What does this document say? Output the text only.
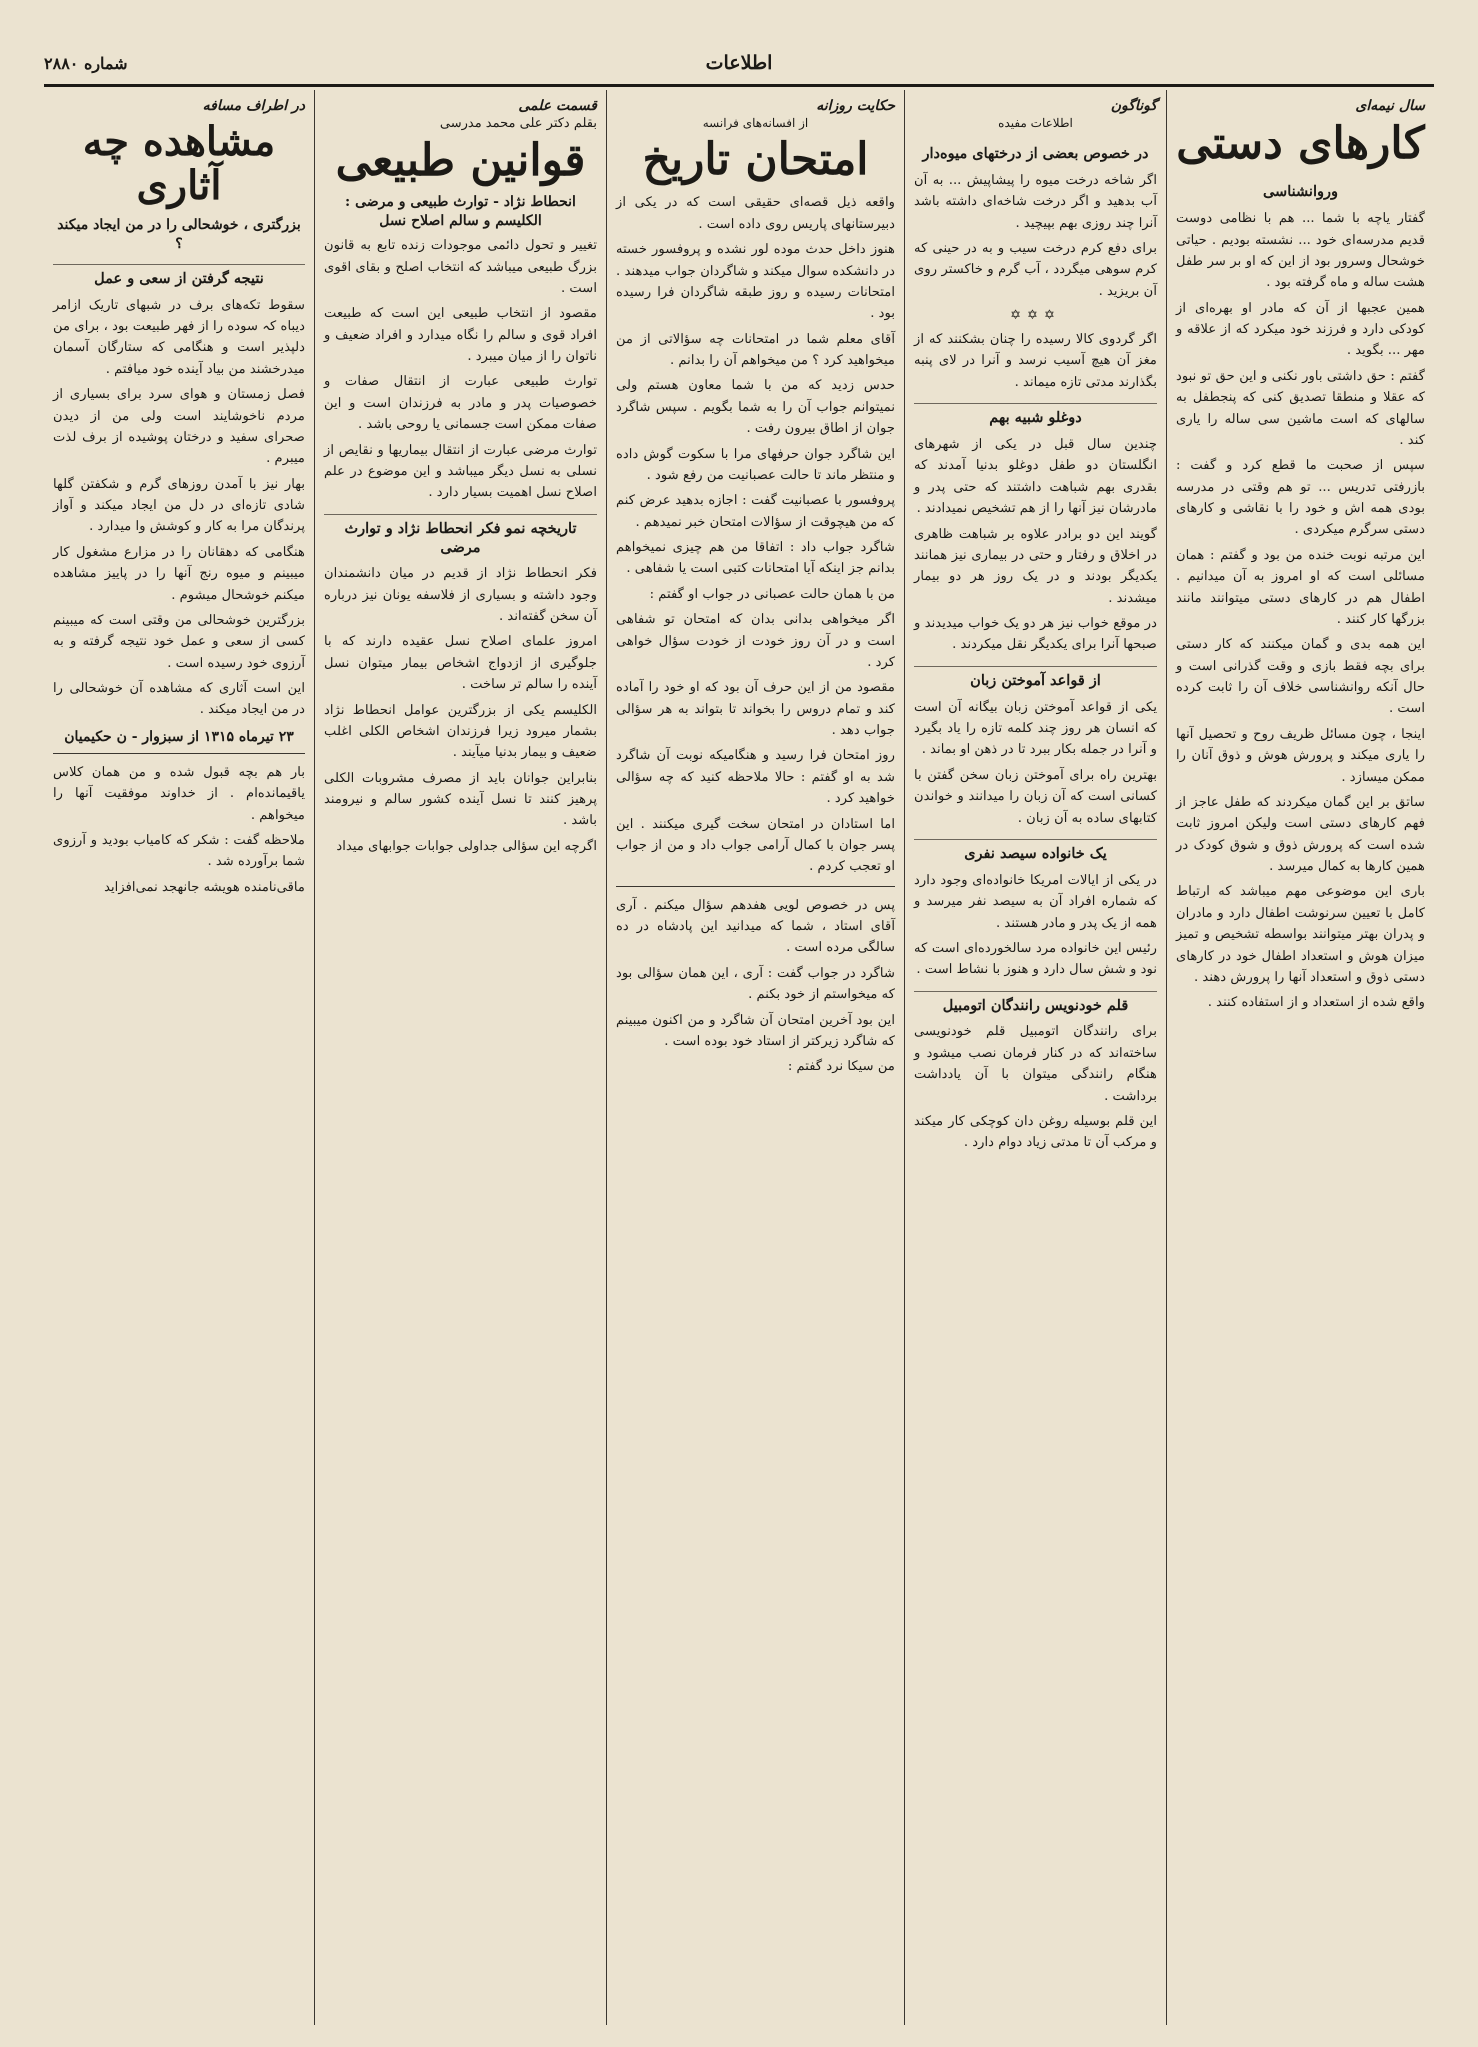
اطلاعات
شماره ۲۸۸۰
سال نیمه‌ای
کارهای دستی
وروانشناسی

گفتار یاچه با شما ... هم با نظامی دوست قدیم مدرسه‌ای خود ... نشسته بودیم . حیاتی خوشحال وسرور بود از این که او بر سر طفل هشت ساله و ماه گرفته بود .

همین عجبها از آن که مادر او بهره‌ای از کودکی دارد و فرزند خود میکرد که از علاقه و مهر ... بگوید .

گفتم : حق داشتی باور نکنی و این حق تو نبود که عقلا و منطقا تصدیق کنی که پنجطفل به سالهای که است ماشین سی ساله را یاری کند .

سپس از صحبت ما قطع کرد و گفت : بازرفتی تدریس ... تو هم وقتی در مدرسه بودی همه اش و خود را با نقاشی و کارهای دستی سرگرم میکردی .

این مرتبه نوبت خنده من بود و گفتم : همان مسائلی است که او امروز به آن میدانیم . اطفال هم در کارهای دستی میتوانند مانند بزرگها کار کنند .

این همه بدی و گمان میکنند که کار دستی برای بچه فقط بازی و وقت گذرانی است و حال آنکه روانشناسی خلاف آن را ثابت کرده است .

اینجا ، چون مسائل ظریف روح و تحصیل آنها را یاری میکند و پرورش هوش و ذوق آنان را ممکن میسازد .

ساتق بر این گمان میکردند که طفل عاجز از فهم کارهای دستی است ولیکن امروز ثابت شده است که پرورش ذوق و شوق کودک در همین کارها به کمال میرسد .

باری این موضوعی مهم میباشد که ارتباط کامل با تعیین سرنوشت اطفال دارد و مادران و پدران بهتر میتوانند بواسطه تشخیص و تمیز میزان هوش و استعداد اطفال خود در کارهای دستی ذوق و استعداد آنها را پرورش دهند .

واقع شده از استعداد و از استفاده کنند .

گوناگون
اطلاعات مفیده
در خصوص بعضی از درختهای میوه‌دار

اگر شاخه درخت میوه را پیشاپیش ... به آن آب بدهید و اگر درخت شاخه‌ای داشته باشد آنرا چند روزی بهم بپیچید .

برای دفع کرم درخت سیب و به در حینی که کرم سوهی میگردد ، آب گرم و خاکستر روی آن بریزید .

✡✡✡

اگر گردوی کالا رسیده را چنان بشکنند که از مغز آن هیچ آسیب نرسد و آنرا در لای پنبه بگذارند مدتی تازه میماند .

دوغلو شبیه بهم

چندین سال قبل در یکی از شهرهای انگلستان دو طفل دوغلو بدنیا آمدند که بقدری بهم شباهت داشتند که حتی پدر و مادرشان نیز آنها را از هم تشخیص نمیدادند .

گویند این دو برادر علاوه بر شباهت ظاهری در اخلاق و رفتار و حتی در بیماری نیز همانند یکدیگر بودند و در یک روز هر دو بیمار میشدند .

در موقع خواب نیز هر دو یک خواب میدیدند و صبحها آنرا برای یکدیگر نقل میکردند .

از قواعد آموختن زبان

یکی از قواعد آموختن زبان بیگانه آن است که انسان هر روز چند کلمه تازه را یاد بگیرد و آنرا در جمله بکار ببرد تا در ذهن او بماند .

بهترین راه برای آموختن زبان سخن گفتن با کسانی است که آن زبان را میدانند و خواندن کتابهای ساده به آن زبان .

یک خانواده سیصد نفری

در یکی از ایالات امریکا خانواده‌ای وجود دارد که شماره افراد آن به سیصد نفر میرسد و همه از یک پدر و مادر هستند .

رئیس این خانواده مرد سالخورده‌ای است که نود و شش سال دارد و هنوز با نشاط است .

قلم خودنویس رانندگان اتومبیل

برای رانندگان اتومبیل قلم خودنویسی ساخته‌اند که در کنار فرمان نصب میشود و هنگام رانندگی میتوان با آن یادداشت برداشت .

این قلم بوسیله روغن دان کوچکی کار میکند و مرکب آن تا مدتی زیاد دوام دارد .

حکایت روزانه
از افسانه‌های فرانسه
امتحان تاریخ

واقعه ذیل قصه‌ای حقیقی است که در یکی از دبیرستانهای پاریس روی داده است .

هنوز داخل حدث موده لور نشده و پروفسور خسته در دانشکده سوال میکند و شاگردان جواب میدهند . امتحانات رسیده و روز طبقه شاگردان فرا رسیده بود .

آقای معلم شما در امتحانات چه سؤالاتی از من میخواهید کرد ؟ من میخواهم آن را بدانم .

حدس زدید که من با شما معاون هستم ولی نمیتوانم جواب آن را به شما بگویم . سپس شاگرد جوان از اطاق بیرون رفت .

این شاگرد جوان حرفهای مرا با سکوت گوش داده و منتظر ماند تا حالت عصبانیت من رفع شود .

پروفسور با عصبانیت گفت : اجازه بدهید عرض کنم که من هیچوقت از سؤالات امتحان خبر نمیدهم .

شاگرد جواب داد : اتفاقا من هم چیزی نمیخواهم بدانم جز اینکه آیا امتحانات کتبی است یا شفاهی .

من با همان حالت عصبانی در جواب او گفتم :

اگر میخواهی بدانی بدان که امتحان تو شفاهی است و در آن روز خودت از خودت سؤال خواهی کرد .

مقصود من از این حرف آن بود که او خود را آماده کند و تمام دروس را بخواند تا بتواند به هر سؤالی جواب دهد .

روز امتحان فرا رسید و هنگامیکه نوبت آن شاگرد شد به او گفتم : حالا ملاحظه کنید که چه سؤالی خواهید کرد .

اما استادان در امتحان سخت گیری میکنند . این پسر جوان با کمال آرامی جواب داد و من از جواب او تعجب کردم .

پس در خصوص لویی هفدهم سؤال میکنم . آری آقای استاد ، شما که میدانید این پادشاه در ده سالگی مرده است .

شاگرد در جواب گفت : آری ، این همان سؤالی بود که میخواستم از خود بکنم .

این بود آخرین امتحان آن شاگرد و من اکنون میبینم که شاگرد زیرکتر از استاد خود بوده است .

من سیکا نرد گفتم :

قسمت علمی
بقلم دکتر علی محمد مدرسی
قوانین طبیعی
انحطاط نژاد - توارث طبیعی و مرضی : الکلیسم و سالم اصلاح نسل

تغییر و تحول دائمی موجودات زنده تابع به قانون بزرگ طبیعی میباشد که انتخاب اصلح و بقای اقوی است .

مقصود از انتخاب طبیعی این است که طبیعت افراد قوی و سالم را نگاه میدارد و افراد ضعیف و ناتوان را از میان میبرد .

توارث طبیعی عبارت از انتقال صفات و خصوصیات پدر و مادر به فرزندان است و این صفات ممکن است جسمانی یا روحی باشد .

توارث مرضی عبارت از انتقال بیماریها و نقایص از نسلی به نسل دیگر میباشد و این موضوع در علم اصلاح نسل اهمیت بسیار دارد .

تاریخچه نمو فکر انحطاط نژاد و توارث مرضی

فکر انحطاط نژاد از قدیم در میان دانشمندان وجود داشته و بسیاری از فلاسفه یونان نیز درباره آن سخن گفته‌اند .

امروز علمای اصلاح نسل عقیده دارند که با جلوگیری از ازدواج اشخاص بیمار میتوان نسل آینده را سالم تر ساخت .

الکلیسم یکی از بزرگترین عوامل انحطاط نژاد بشمار میرود زیرا فرزندان اشخاص الکلی اغلب ضعیف و بیمار بدنیا میآیند .

بنابراین جوانان باید از مصرف مشروبات الکلی پرهیز کنند تا نسل آینده کشور سالم و نیرومند باشد .

اگرچه این سؤالی جداولی جوابات جوابهای میداد

در اطراف مسافه
مشاهده چه آثاری
بزرگتری ، خوشحالی را در من ایجاد میکند ؟
نتیجه گرفتن از سعی و عمل

سقوط تکه‌های برف در شبهای تاریک ازامر دیباه کہ سوده را از فهر طبیعت بود ، برای من دلپذیر است و هنگامی که ستارگان آسمان میدرخشند من بیاد آینده خود میافتم .

فصل زمستان و هوای سرد برای بسیاری از مردم ناخوشایند است ولی من از دیدن صحرای سفید و درختان پوشیده از برف لذت میبرم .

بهار نیز با آمدن روزهای گرم و شکفتن گلها شادی تازه‌ای در دل من ایجاد میکند و آواز پرندگان مرا به کار و کوشش وا میدارد .

هنگامی که دهقانان را در مزارع مشغول کار میبینم و میوه رنج آنها را در پاییز مشاهده میکنم خوشحال میشوم .

بزرگترین خوشحالی من وقتی است که میبینم کسی از سعی و عمل خود نتیجه گرفته و به آرزوی خود رسیده است .

این است آثاری که مشاهده آن خوشحالی را در من ایجاد میکند .

۲۳ تیرماه ۱۳۱۵ از سبزوار - ن حکیمیان

بار هم بچه قبول شده و من همان کلاس یاقیمانده‌ام . از خداوند موفقیت آنها را میخواهم .

ملاحظه گفت : شکر که کامیاب بودید و آرزوی شما برآورده شد .

ماقی‌نامنده هویشه جانهجد نمی‌افزاید
